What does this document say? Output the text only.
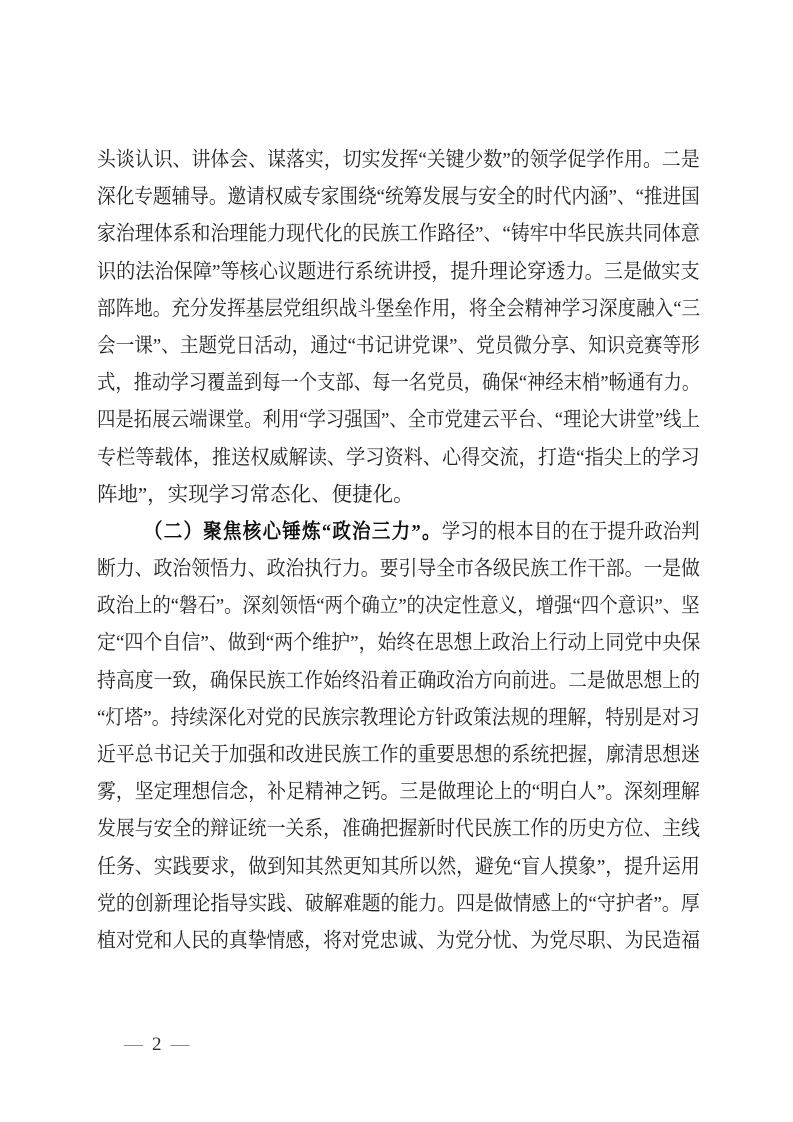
头谈认识、讲体会、谋落实，切实发挥“关键少数”的领学促学作用。二是
深化专题辅导。邀请权威专家围绕“统筹发展与安全的时代内涵”、“推进国
家治理体系和治理能力现代化的民族工作路径”、“铸牢中华民族共同体意
识的法治保障”等核心议题进行系统讲授，提升理论穿透力。三是做实支
部阵地。充分发挥基层党组织战斗堡垒作用，将全会精神学习深度融入“三
会一课”、主题党日活动，通过“书记讲党课”、党员微分享、知识竞赛等形
式，推动学习覆盖到每一个支部、每一名党员，确保“神经末梢”畅通有力。
四是拓展云端课堂。利用“学习强国”、全市党建云平台、“理论大讲堂”线上
专栏等载体，推送权威解读、学习资料、心得交流，打造“指尖上的学习
阵地”，实现学习常态化、便捷化。
（二）聚焦核心锤炼“政治三力”。学习的根本目的在于提升政治判
断力、政治领悟力、政治执行力。要引导全市各级民族工作干部。一是做
政治上的“磐石”。深刻领悟“两个确立”的决定性意义，增强“四个意识”、坚
定“四个自信”、做到“两个维护”，始终在思想上政治上行动上同党中央保
持高度一致，确保民族工作始终沿着正确政治方向前进。二是做思想上的
“灯塔”。持续深化对党的民族宗教理论方针政策法规的理解，特别是对习
近平总书记关于加强和改进民族工作的重要思想的系统把握，廓清思想迷
雾，坚定理想信念，补足精神之钙。三是做理论上的“明白人”。深刻理解
发展与安全的辩证统一关系，准确把握新时代民族工作的历史方位、主线
任务、实践要求，做到知其然更知其所以然，避免“盲人摸象”，提升运用
党的创新理论指导实践、破解难题的能力。四是做情感上的“守护者”。厚
植对党和人民的真挚情感，将对党忠诚、为党分忧、为党尽职、为民造福
— 2 —
